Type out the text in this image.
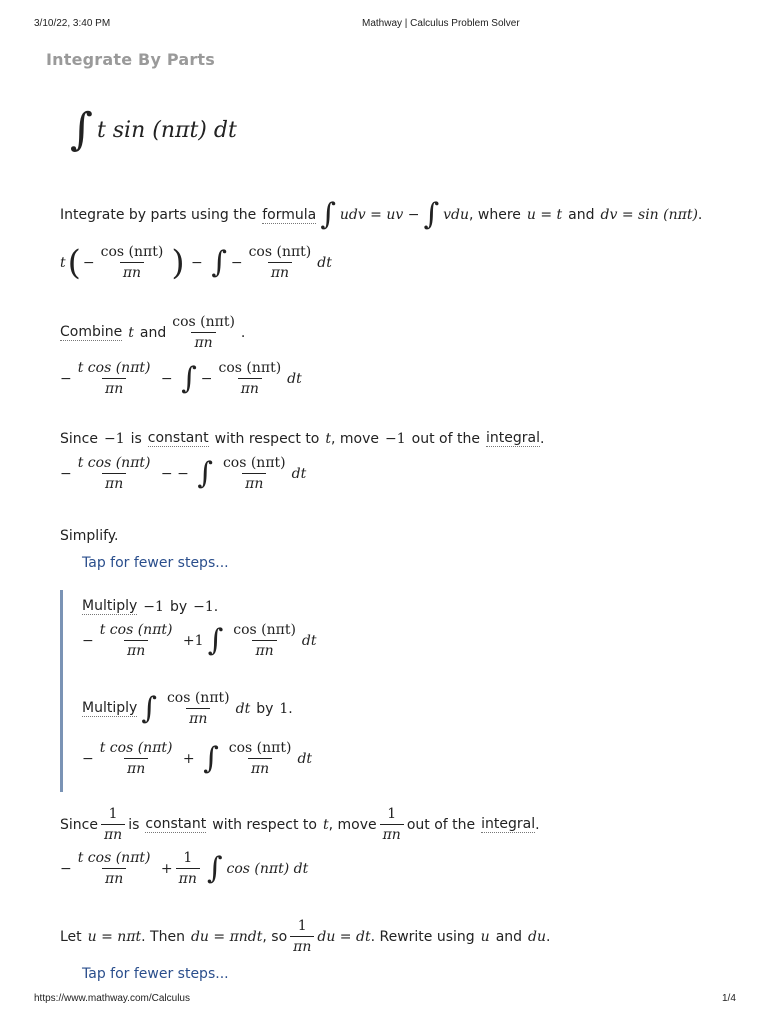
3/10/22, 3:40 PM	Mathway | Calculus Problem Solver
https://www.mathway.com/Calculus	1/4
Integrate By Parts
∫ t sin (nπt) dt
Integrate by parts using the formula ∫ udv = uv − ∫ vdu , where u = t and dv = sin (nπt) .
t ( − $\frac{\text{cos (nπt)}}{\pi n}$ ) − ∫ − $\frac{\text{cos (nπt)}}{\pi n}$ dt
Combine t and $\frac{\text{cos (nπt)}}{\pi n}$ .
− $\frac{\text{t cos (nπt)}}{\pi n}$ − ∫ − $\frac{\text{cos (nπt)}}{\pi n}$ dt
Since −1 is constant with respect to t , move −1 out of the integral .
− $\frac{\text{t cos (nπt)}}{\pi n}$ − − ∫ $\frac{\text{cos (nπt)}}{\pi n}$ dt
Simplify.
Tap for fewer steps...
Multiply −1 by −1 .
− $\frac{\text{t cos (nπt)}}{\pi n} + 1$ ∫ $\frac{\text{cos (nπt)}}{\pi n}$ dt
Multiply ∫ $\frac{\text{cos (nπt)}}{\pi n}$ dt by 1 .
− $\frac{\text{t cos (nπt)}}{\pi n}$ + ∫ $\frac{\text{cos (nπt)}}{\pi n}$ dt
Since $\frac{1}{\pi n}$ is constant with respect to t , move $\frac{1}{\pi n}$ out of the integral .
− $\frac{\text{t cos (nπt)}}{\pi n} + \frac{1}{\pi n}$ ∫ cos (nπt) dt
Let u = nπt . Then du = πndt , so $\frac{1}{\pi n}$ du = dt . Rewrite using u and du .
Tap for fewer steps...
